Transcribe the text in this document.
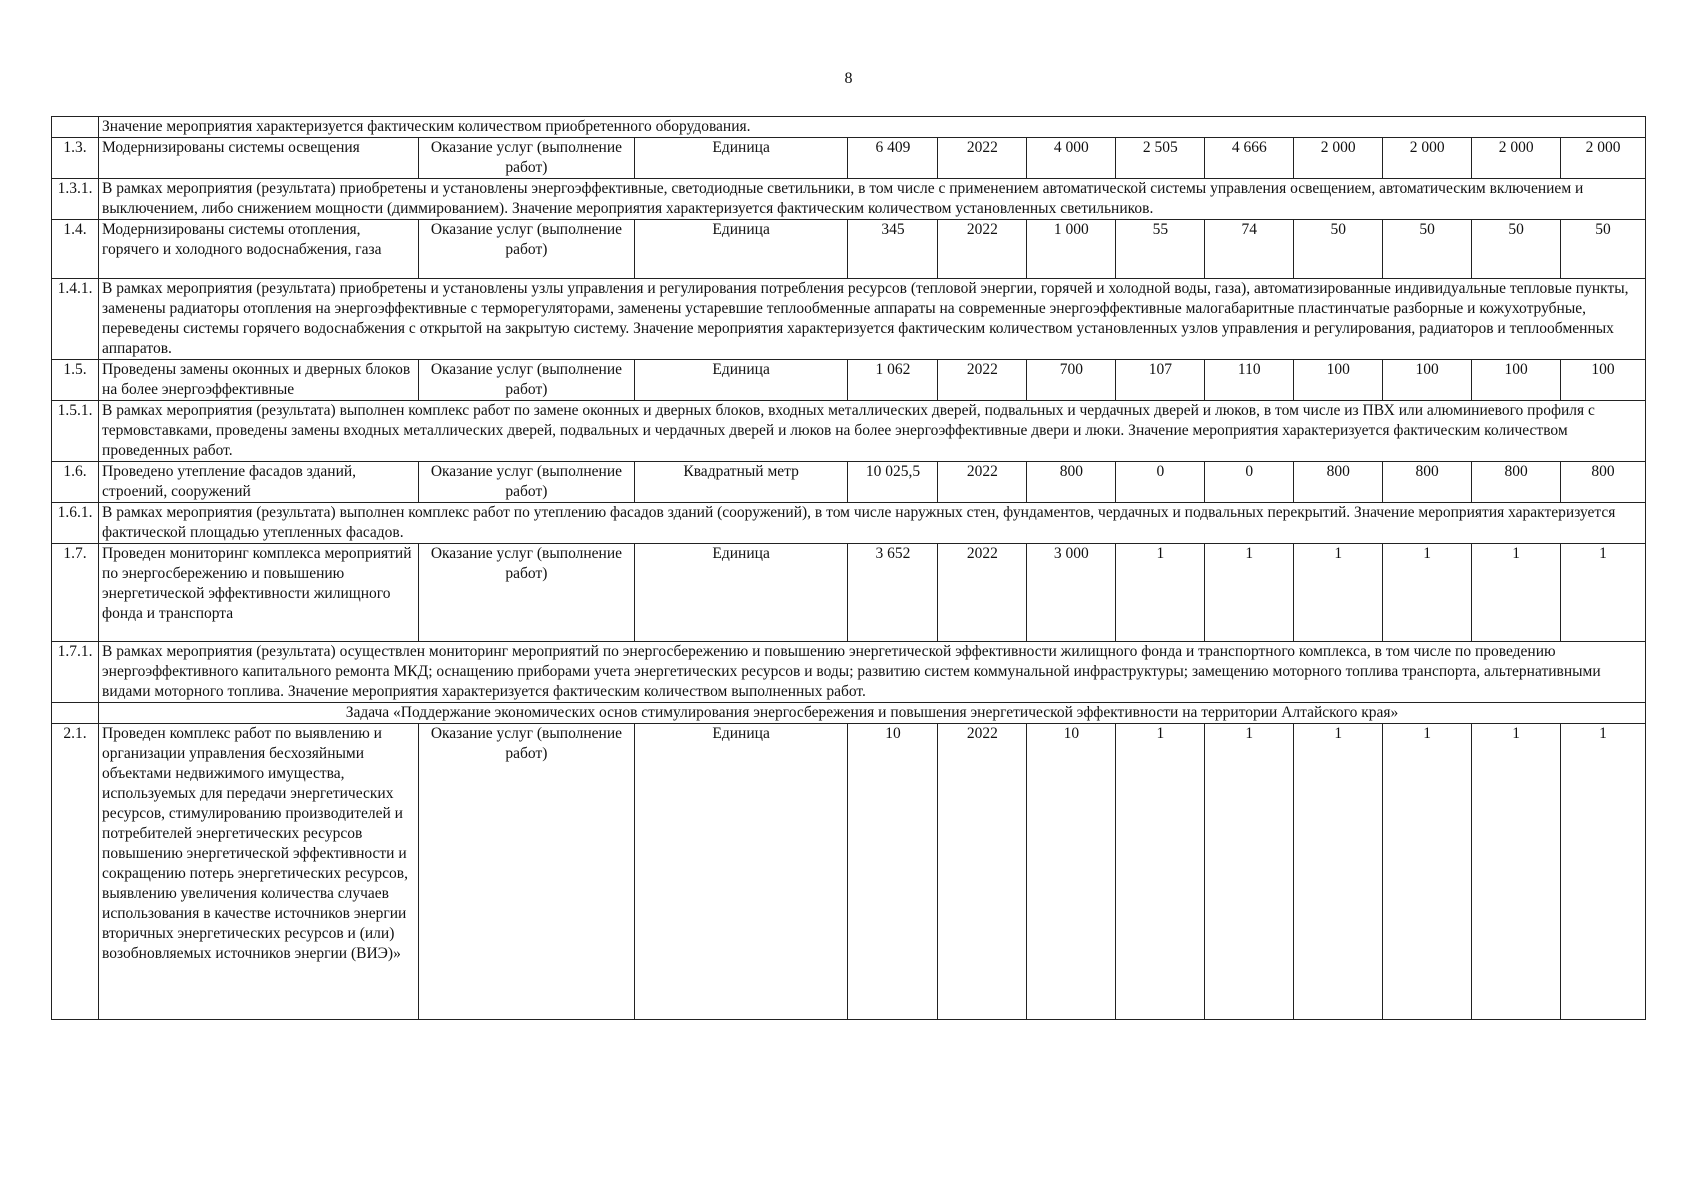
8
	Значение мероприятия характеризуется фактическим количеством приобретенного оборудования.											
1.3.	Модернизированы системы освещения	Оказание услуг (выполнение работ)	Единица	6 409	2022	4 000	2 505	4 666	2 000	2 000	2 000	2 000
1.3.1.	В рамках мероприятия (результата) приобретены и установлены энергоэффективные, светодиодные светильники, в том числе с применением автоматической системы управления освещением, автоматическим включением и выключением, либо снижением мощности (диммированием). Значение мероприятия характеризуется фактическим количеством установленных светильников.											
1.4.	Модернизированы системы отопления, горячего и холодного водоснабжения, газа	Оказание услуг (выполнение работ)	Единица	345	2022	1 000	55	74	50	50	50	50
1.4.1.	В рамках мероприятия (результата) приобретены и установлены узлы управления и регулирования потребления ресурсов (тепловой энергии, горячей и холодной воды, газа), автоматизированные индивидуальные тепловые пункты, заменены радиаторы отопления на энергоэффективные с терморегуляторами, заменены устаревшие теплообменные аппараты на современные энергоэффективные малогабаритные пластинчатые разборные и кожухотрубные, переведены системы горячего водоснабжения с открытой на закрытую систему. Значение мероприятия характеризуется фактическим количеством установленных узлов управления и регулирования, радиаторов и теплообменных аппаратов.											
1.5.	Проведены замены оконных и дверных блоков на более энергоэффективные	Оказание услуг (выполнение работ)	Единица	1 062	2022	700	107	110	100	100	100	100
1.5.1.	В рамках мероприятия (результата) выполнен комплекс работ по замене оконных и дверных блоков, входных металлических дверей, подвальных и чердачных дверей и люков, в том числе из ПВХ или алюминиевого профиля с термовставками, проведены замены входных металлических дверей, подвальных и чердачных дверей и люков на более энергоэффективные двери и люки. Значение мероприятия характеризуется фактическим количеством проведенных работ.											
1.6.	Проведено утепление фасадов зданий, строений, сооружений	Оказание услуг (выполнение работ)	Квадратный метр	10 025,5	2022	800	0	0	800	800	800	800
1.6.1.	В рамках мероприятия (результата) выполнен комплекс работ по утеплению фасадов зданий (сооружений), в том числе наружных стен, фундаментов, чердачных и подвальных перекрытий. Значение мероприятия характеризуется фактической площадью утепленных фасадов.											
1.7.	Проведен мониторинг комплекса мероприятий по энергосбережению и повышению энергетической эффективности жилищного фонда и транспорта	Оказание услуг (выполнение работ)	Единица	3 652	2022	3 000	1	1	1	1	1	1
1.7.1.	В рамках мероприятия (результата) осуществлен мониторинг мероприятий по энергосбережению и повышению энергетической эффективности жилищного фонда и транспортного комплекса, в том числе по проведению энергоэффективного капитального ремонта МКД; оснащению приборами учета энергетических ресурсов и воды; развитию систем коммунальной инфраструктуры; замещению моторного топлива транспорта, альтернативными видами моторного топлива. Значение мероприятия характеризуется фактическим количеством выполненных работ.											
	Задача «Поддержание экономических основ стимулирования энергосбережения и повышения энергетической эффективности на территории Алтайского края»											
2.1.	Проведен комплекс работ по выявлению и организации управления бесхозяйными объектами недвижимого имущества, используемых для передачи энергетических ресурсов, стимулированию производителей и потребителей энергетических ресурсов повышению энергетической эффективности и сокращению потерь энергетических ресурсов, выявлению увеличения количества случаев использования в качестве источников энергии вторичных энергетических ресурсов и (или) возобновляемых источников энергии (ВИЭ)»	Оказание услуг (выполнение работ)	Единица	10	2022	10	1	1	1	1	1	1
